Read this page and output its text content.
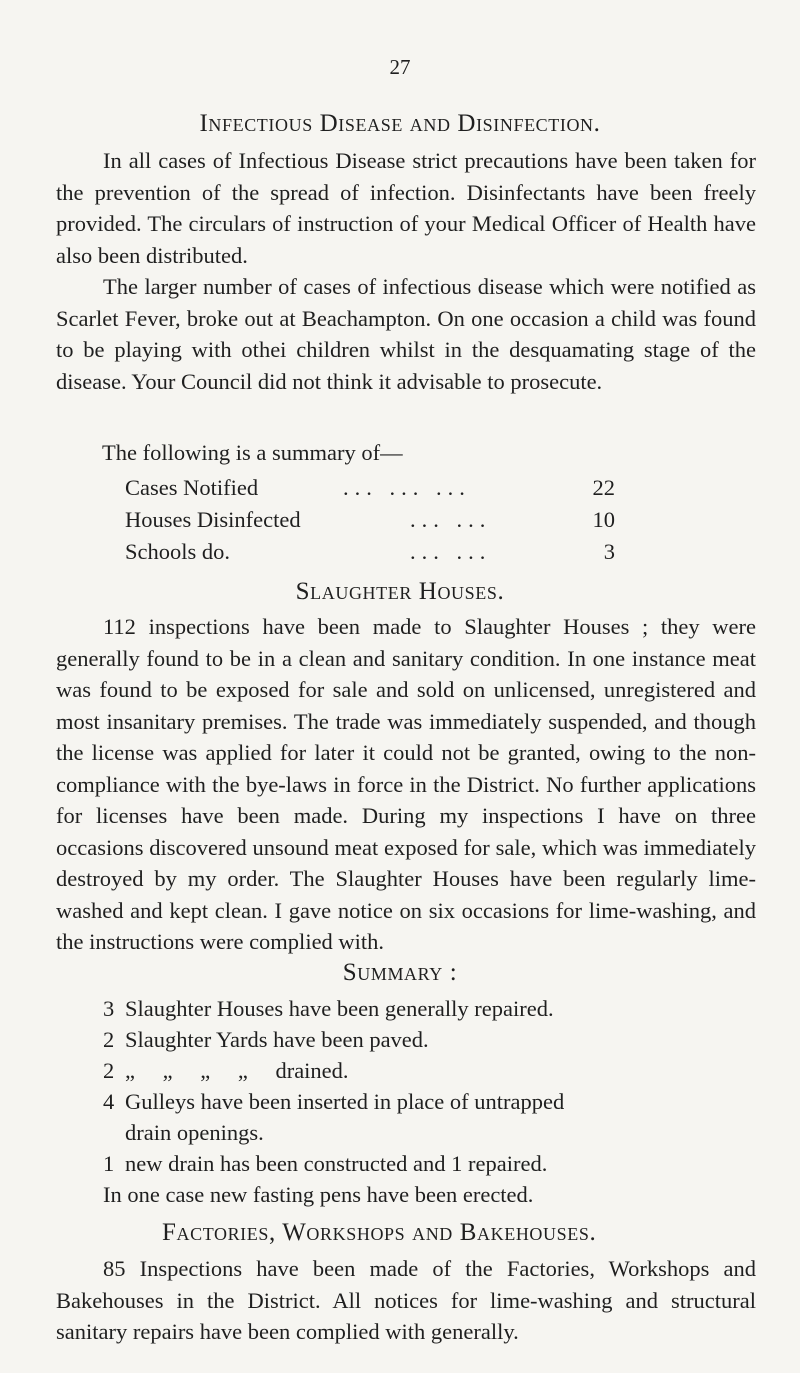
27
Infectious Disease and Disinfection.

In all cases of Infectious Disease strict precautions have been taken for the prevention of the spread of infection. Disinfectants have been freely provided. The circulars of instruction of your Medical Officer of Health have also been distributed.

The larger number of cases of infectious disease which were notified as Scarlet Fever, broke out at Beachampton. On one occasion a child was found to be playing with othei children whilst in the desquamating stage of the disease. Your Council did not think it advisable to prosecute.

The following is a summary of—
Cases Notified	... ... ...	22
Houses Disinfected	... ...	10
Schools do.	... ...	3
Slaughter Houses.

112 inspections have been made to Slaughter Houses ; they were generally found to be in a clean and sanitary condition. In one instance meat was found to be exposed for sale and sold on unlicensed, unregistered and most insanitary premises. The trade was immediately suspended, and though the license was applied for later it could not be granted, owing to the non-compliance with the bye-laws in force in the District. No further applications for licenses have been made. During my inspections I have on three occasions discovered unsound meat exposed for sale, which was immediately destroyed by my order. The Slaughter Houses have been regularly lime-washed and kept clean. I gave notice on six occasions for lime-washing, and the instructions were complied with.

Summary :
3 Slaughter Houses have been generally repaired.
2 Slaughter Yards have been paved.
2 „ „ „ „ drained.
4 Gulleys have been inserted in place of untrapped
drain openings.
1 new drain has been constructed and 1 repaired.
In one case new fasting pens have been erected.
Factories, Workshops and Bakehouses.

85 Inspections have been made of the Factories, Workshops and Bakehouses in the District. All notices for lime-washing and structural sanitary repairs have been complied with generally.
